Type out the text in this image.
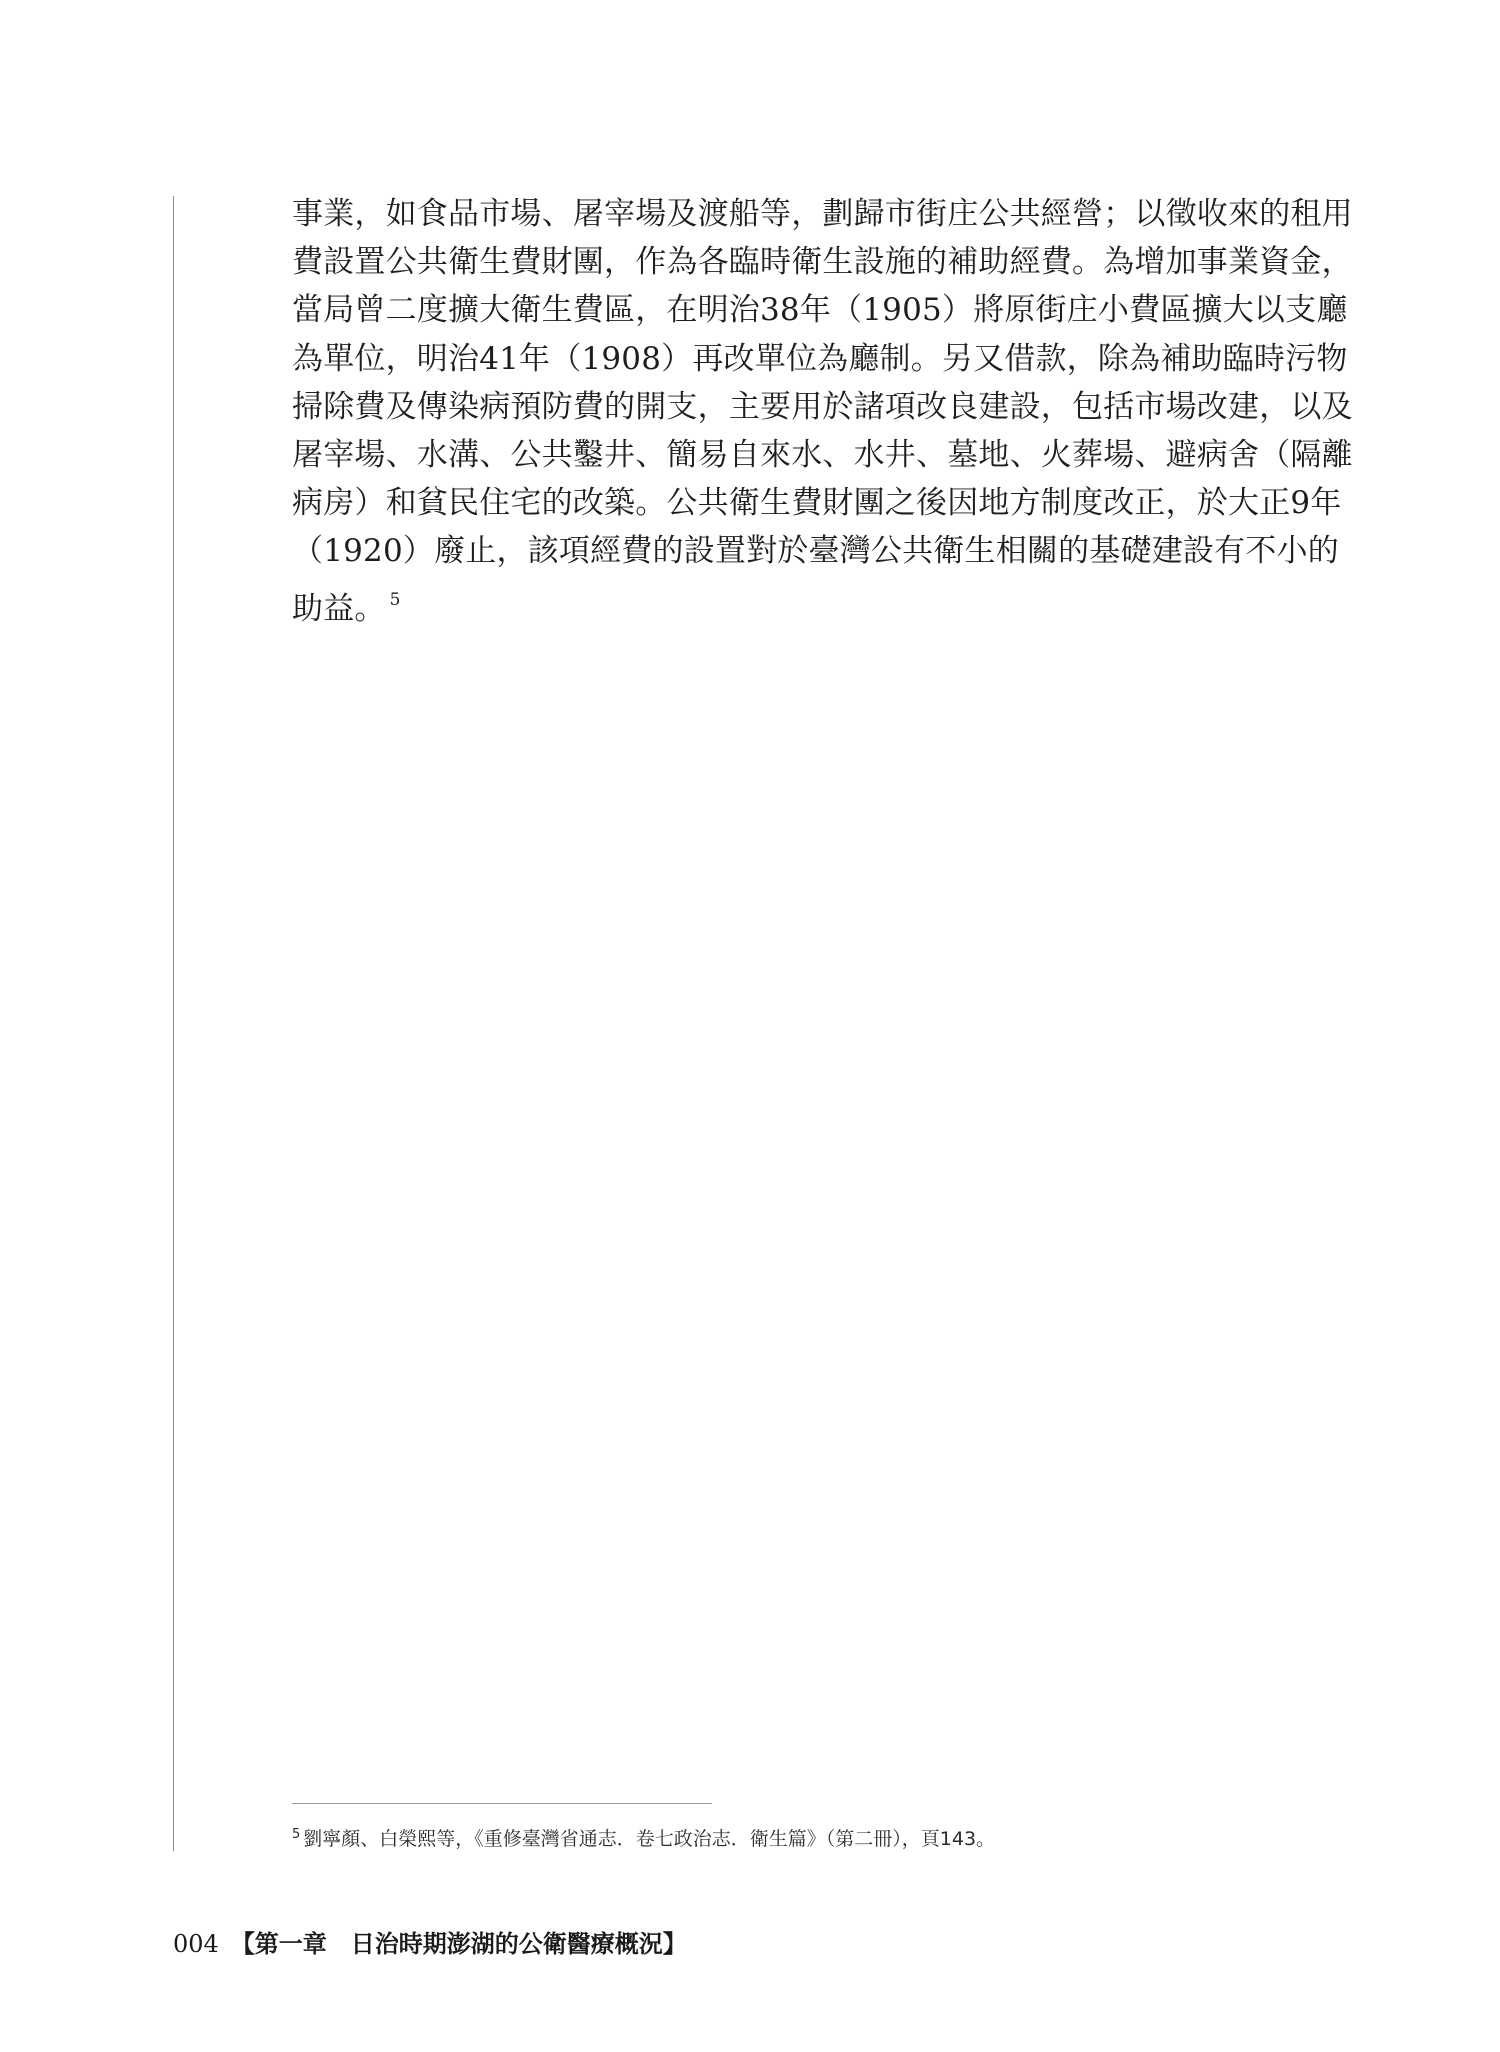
事業，如食品市場、屠宰場及渡船等，劃歸市街庄公共經營；以徵收來的租用
費設置公共衛生費財團，作為各臨時衛生設施的補助經費。為增加事業資金，
當局曾二度擴大衛生費區，在明治38年（1905）將原街庄小費區擴大以支廳
為單位，明治41年（1908）再改單位為廳制。另又借款，除為補助臨時污物
掃除費及傳染病預防費的開支，主要用於諸項改良建設，包括市場改建，以及
屠宰場、水溝、公共鑿井、簡易自來水、水井、墓地、火葬場、避病舍（隔離
病房）和貧民住宅的改築。公共衛生費財團之後因地方制度改正，於大正9年
（1920）廢止，該項經費的設置對於臺灣公共衛生相關的基礎建設有不小的
助益。 $^5$
$^5$ 劉寧顏、白榮熙等，《重修臺灣省通志．卷七政治志．衛生篇》（第二冊），頁143。
004 【第一章　日治時期澎湖的公衛醫療概況】
